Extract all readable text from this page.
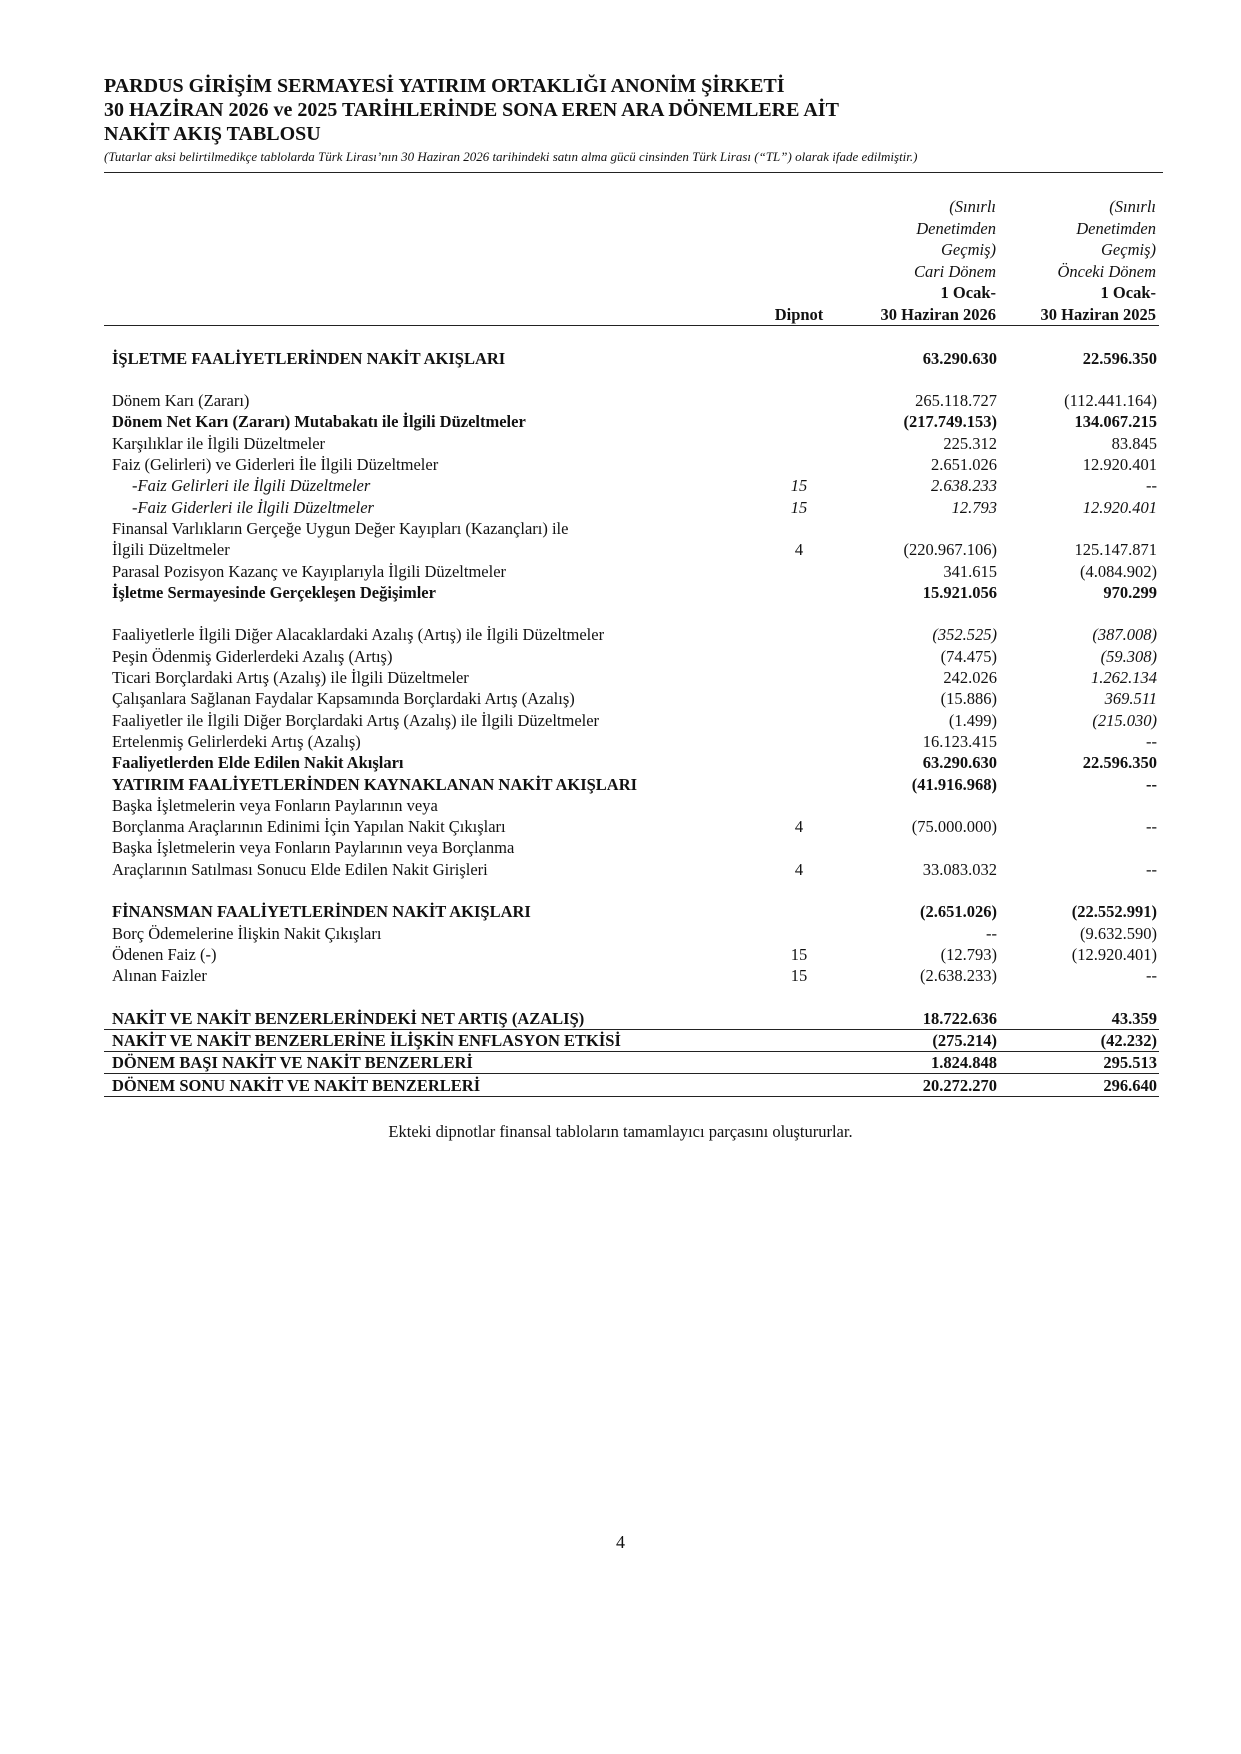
PARDUS GİRİŞİM SERMAYESİ YATIRIM ORTAKLIĞI ANONİM ŞİRKETİ
30 HAZİRAN 2026 ve 2025 TARİHLERİNDE SONA EREN ARA DÖNEMLERE AİT
NAKİT AKIŞ TABLOSU
(Tutarlar aksi belirtilmedikçe tablolarda Türk Lirası’nın 30 Haziran 2026 tarihindeki satın alma gücü cinsinden Türk Lirası (“TL”) olarak ifade edilmiştir.)
		(Sınırlı	(Sınırlı
		Denetimden	Denetimden
		Geçmiş)	Geçmiş)
		Cari Dönem	Önceki Dönem
		1 Ocak-	1 Ocak-
	Dipnot	30 Haziran 2026	30 Haziran 2025

İŞLETME FAALİYETLERİNDEN NAKİT AKIŞLARI		63.290.630	22.596.350

Dönem Karı (Zararı)		265.118.727	(112.441.164)
Dönem Net Karı (Zararı) Mutabakatı ile İlgili Düzeltmeler		(217.749.153)	134.067.215
Karşılıklar ile İlgili Düzeltmeler		225.312	83.845
Faiz (Gelirleri) ve Giderleri İle İlgili Düzeltmeler		2.651.026	12.920.401
-Faiz Gelirleri ile İlgili Düzeltmeler	15	2.638.233	--
-Faiz Giderleri ile İlgili Düzeltmeler	15	12.793	12.920.401
Finansal Varlıkların Gerçeğe Uygun Değer Kayıpları (Kazançları) ile			
İlgili Düzeltmeler	4	(220.967.106)	125.147.871
Parasal Pozisyon Kazanç ve Kayıplarıyla İlgili Düzeltmeler		341.615	(4.084.902)
İşletme Sermayesinde Gerçekleşen Değişimler		15.921.056	970.299

Faaliyetlerle İlgili Diğer Alacaklardaki Azalış (Artış) ile İlgili Düzeltmeler		(352.525)	(387.008)
Peşin Ödenmiş Giderlerdeki Azalış (Artış)		(74.475)	(59.308)
Ticari Borçlardaki Artış (Azalış) ile İlgili Düzeltmeler		242.026	1.262.134
Çalışanlara Sağlanan Faydalar Kapsamında Borçlardaki Artış (Azalış)		(15.886)	369.511
Faaliyetler ile İlgili Diğer Borçlardaki Artış (Azalış) ile İlgili Düzeltmeler		(1.499)	(215.030)
Ertelenmiş Gelirlerdeki Artış (Azalış)		16.123.415	--
Faaliyetlerden Elde Edilen Nakit Akışları		63.290.630	22.596.350
YATIRIM FAALİYETLERİNDEN KAYNAKLANAN NAKİT AKIŞLARI		(41.916.968)	--
Başka İşletmelerin veya Fonların Paylarının veya			
Borçlanma Araçlarının Edinimi İçin Yapılan Nakit Çıkışları	4	(75.000.000)	--
Başka İşletmelerin veya Fonların Paylarının veya Borçlanma			
Araçlarının Satılması Sonucu Elde Edilen Nakit Girişleri	4	33.083.032	--

FİNANSMAN FAALİYETLERİNDEN NAKİT AKIŞLARI		(2.651.026)	(22.552.991)
Borç Ödemelerine İlişkin Nakit Çıkışları		--	(9.632.590)
Ödenen Faiz (-)	15	(12.793)	(12.920.401)
Alınan Faizler	15	(2.638.233)	--

NAKİT VE NAKİT BENZERLERİNDEKİ NET ARTIŞ (AZALIŞ)		18.722.636	43.359
NAKİT VE NAKİT BENZERLERİNE İLİŞKİN ENFLASYON ETKİSİ		(275.214)	(42.232)
DÖNEM BAŞI NAKİT VE NAKİT BENZERLERİ		1.824.848	295.513
DÖNEM SONU NAKİT VE NAKİT BENZERLERİ		20.272.270	296.640
Ekteki dipnotlar finansal tabloların tamamlayıcı parçasını oluştururlar.
4
